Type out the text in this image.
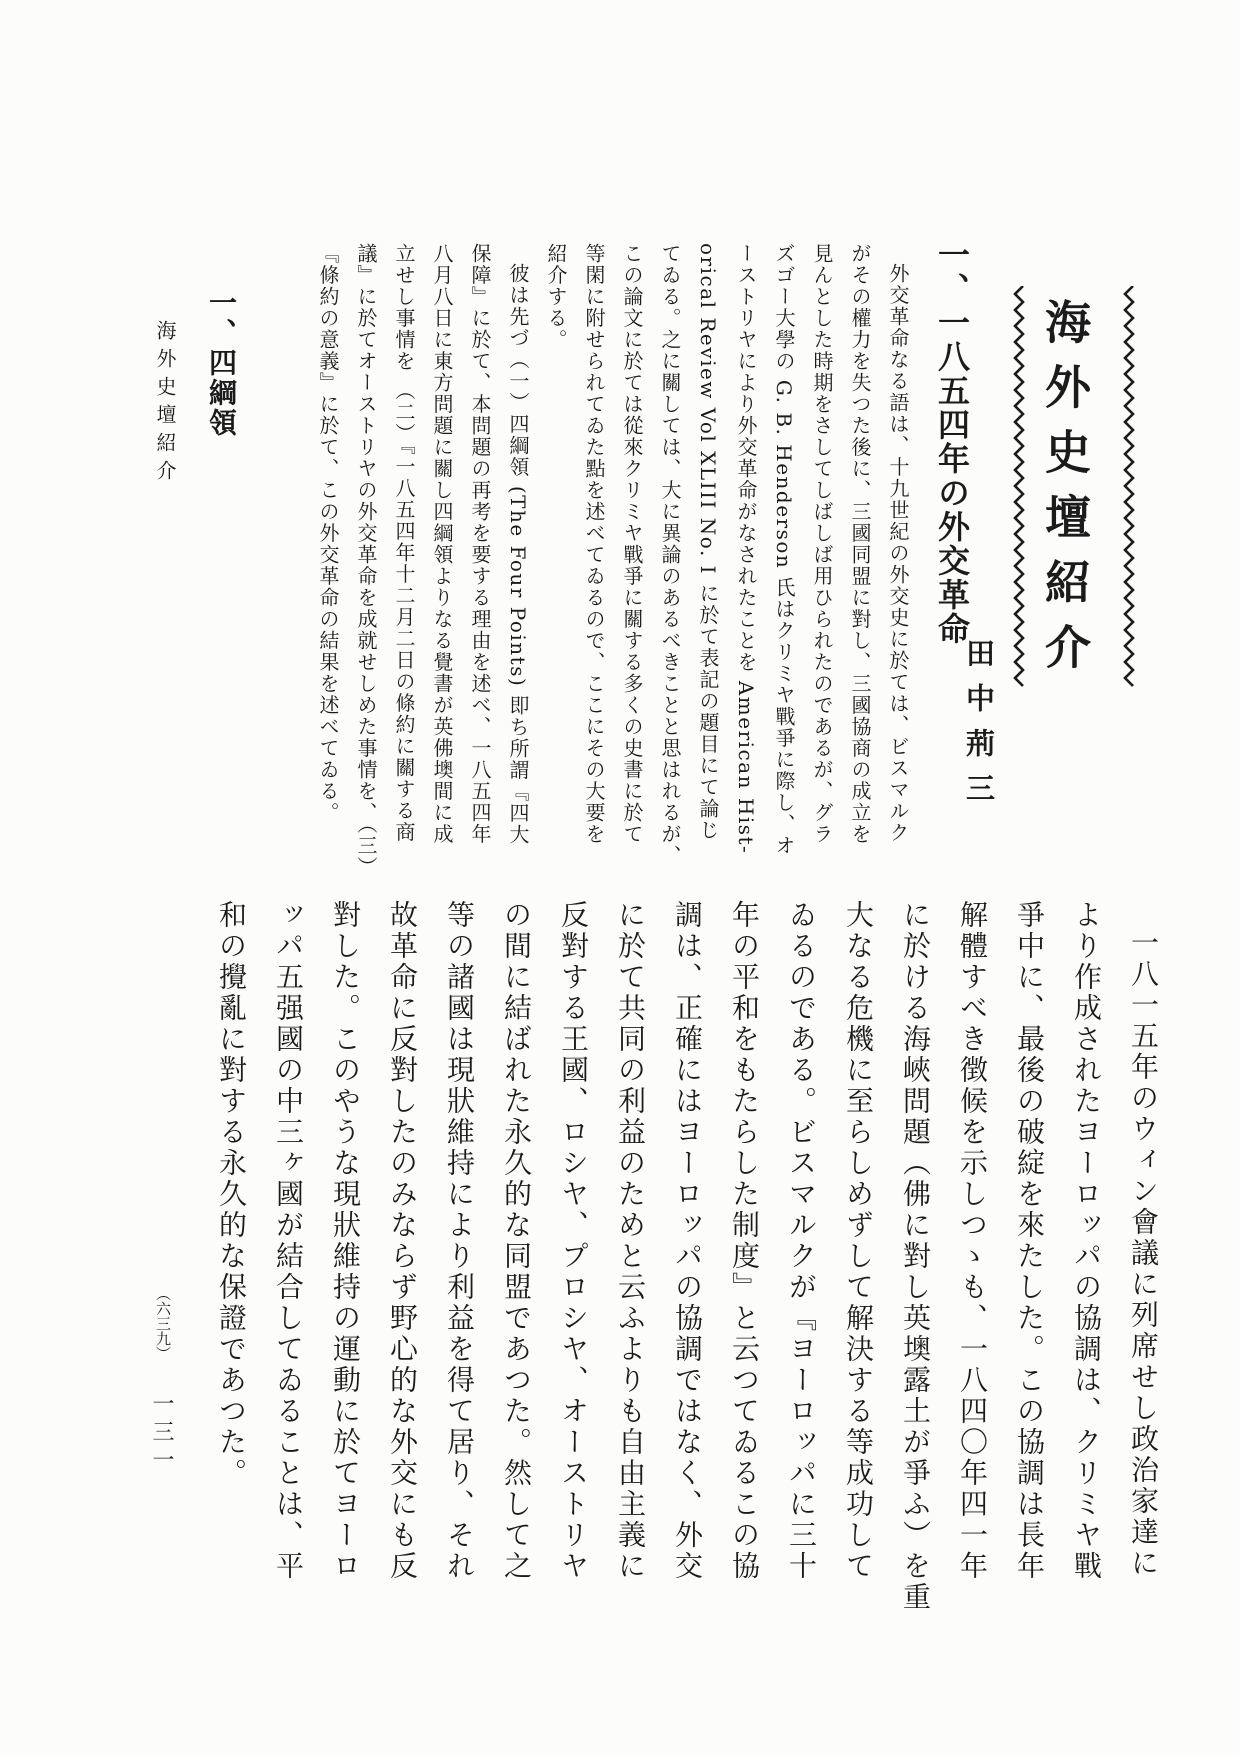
海外史壇紹介
一、一八五四年の外交革命
田中荊三

外交革命なる語は、十九世紀の外交史に於ては、ビスマルク

がその權力を失つた後に、三國同盟に對し、三國協商の成立を

見んとした時期をさしてしばしば用ひられたのであるが、グラ

ズゴー大學の G. B. Henderson 氏はクリミヤ戰爭に際し、オ

ーストリヤにより外交革命がなされたことを American Hist-

orical Review Vol XLIII No. I に於て表記の題目にて論じ

てゐる。之に關しては、大に異論のあるべきことと思はれるが、

この論文に於ては從來クリミヤ戰爭に關する多くの史書に於て

等閑に附せられてゐた點を述べてゐるので、ここにその大要を

紹介する。

彼は先づ（一）四綱領 (The Four Points) 即ち所謂『四大

保障』に於て、本問題の再考を要する理由を述べ、一八五四年

八月八日に東方問題に關し四綱領よりなる覺書が英佛墺間に成

立せし事情を （二）『一八五四年十二月二日の條約に關する商

議』に於てオーストリヤの外交革命を成就せしめた事情を、（三）

『條約の意義』に於て、この外交革命の結果を述べてゐる。

一、四綱領
海外史壇紹介

一八一五年のウィン會議に列席せし政治家達に

より作成されたヨーロッパの協調は、クリミヤ戰

爭中に、最後の破綻を來たした。この協調は長年

解體すべき徴候を示しつゝも、一八四〇年四一年

に於ける海峽問題（佛に對し英墺露土が爭ふ）を重

大なる危機に至らしめずして解決する等成功して

ゐるのである。ビスマルクが『ヨーロッパに三十

年の平和をもたらした制度』と云つてゐるこの協

調は、正確にはヨーロッパの協調ではなく、外交

に於て共同の利益のためと云ふよりも自由主義に

反對する王國、ロシヤ、プロシヤ、オーストリヤ

の間に結ばれた永久的な同盟であつた。然して之

等の諸國は現狀維持により利益を得て居り、それ

故革命に反對したのみならず野心的な外交にも反

對した。このやうな現狀維持の運動に於てヨーロ

ッパ五强國の中三ヶ國が結合してゐることは、平

和の攪亂に對する永久的な保證であつた。

（六三九）
一三一
